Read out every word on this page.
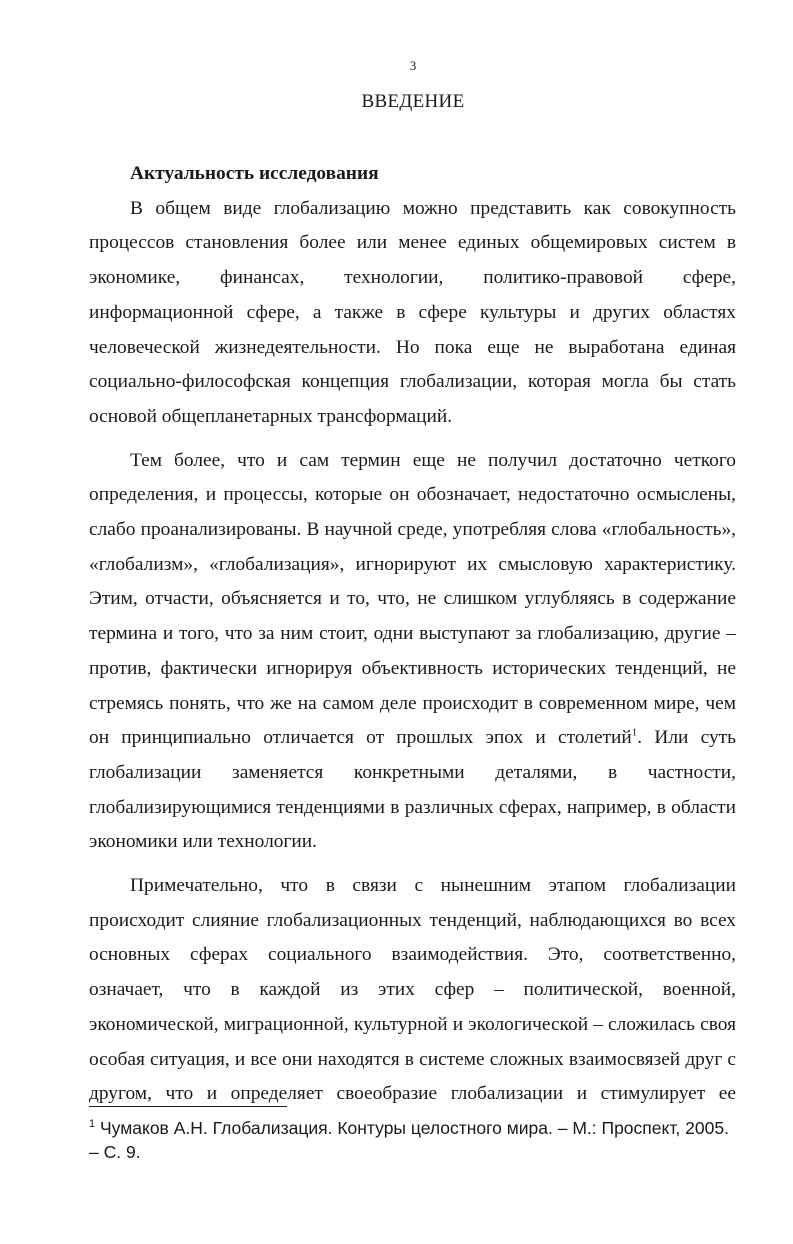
3
ВВЕДЕНИЕ

Актуальность исследования

В общем виде глобализацию можно представить как совокупность процессов становления более или менее единых общемировых систем в экономике, финансах, технологии, политико-правовой сфере, информационной сфере, а также в сфере культуры и других областях человеческой жизнедеятельности. Но пока еще не выработана единая социально-философская концепция глобализации, которая могла бы стать основой общепланетарных трансформаций.

Тем более, что и сам термин еще не получил достаточно четкого определения, и процессы, которые он обозначает, недостаточно осмыслены, слабо проанализированы. В научной среде, употребляя слова «глобальность», «глобализм», «глобализация», игнорируют их смысловую характеристику. Этим, отчасти, объясняется и то, что, не слишком углубляясь в содержание термина и того, что за ним стоит, одни выступают за глобализацию, другие – против, фактически игнорируя объективность исторических тенденций, не стремясь понять, что же на самом деле происходит в современном мире, чем он принципиально отличается от прошлых эпох и столетий$^1$. Или суть глобализации заменяется конкретными деталями, в частности, глобализирующимися тенденциями в различных сферах, например, в области экономики или технологии.

Примечательно, что в связи с нынешним этапом глобализации происходит слияние глобализационных тенденций, наблюдающихся во всех основных сферах социального взаимодействия. Это, соответственно, означает, что в каждой из этих сфер – политической, военной, экономической, миграционной, культурной и экологической – сложилась своя особая ситуация, и все они находятся в системе сложных взаимосвязей друг с другом, что и определяет своеобразие глобализации и стимулирует ее

$^1$ Чумаков А.Н. Глобализация. Контуры целостного мира. – М.: Проспект, 2005. – С. 9.
